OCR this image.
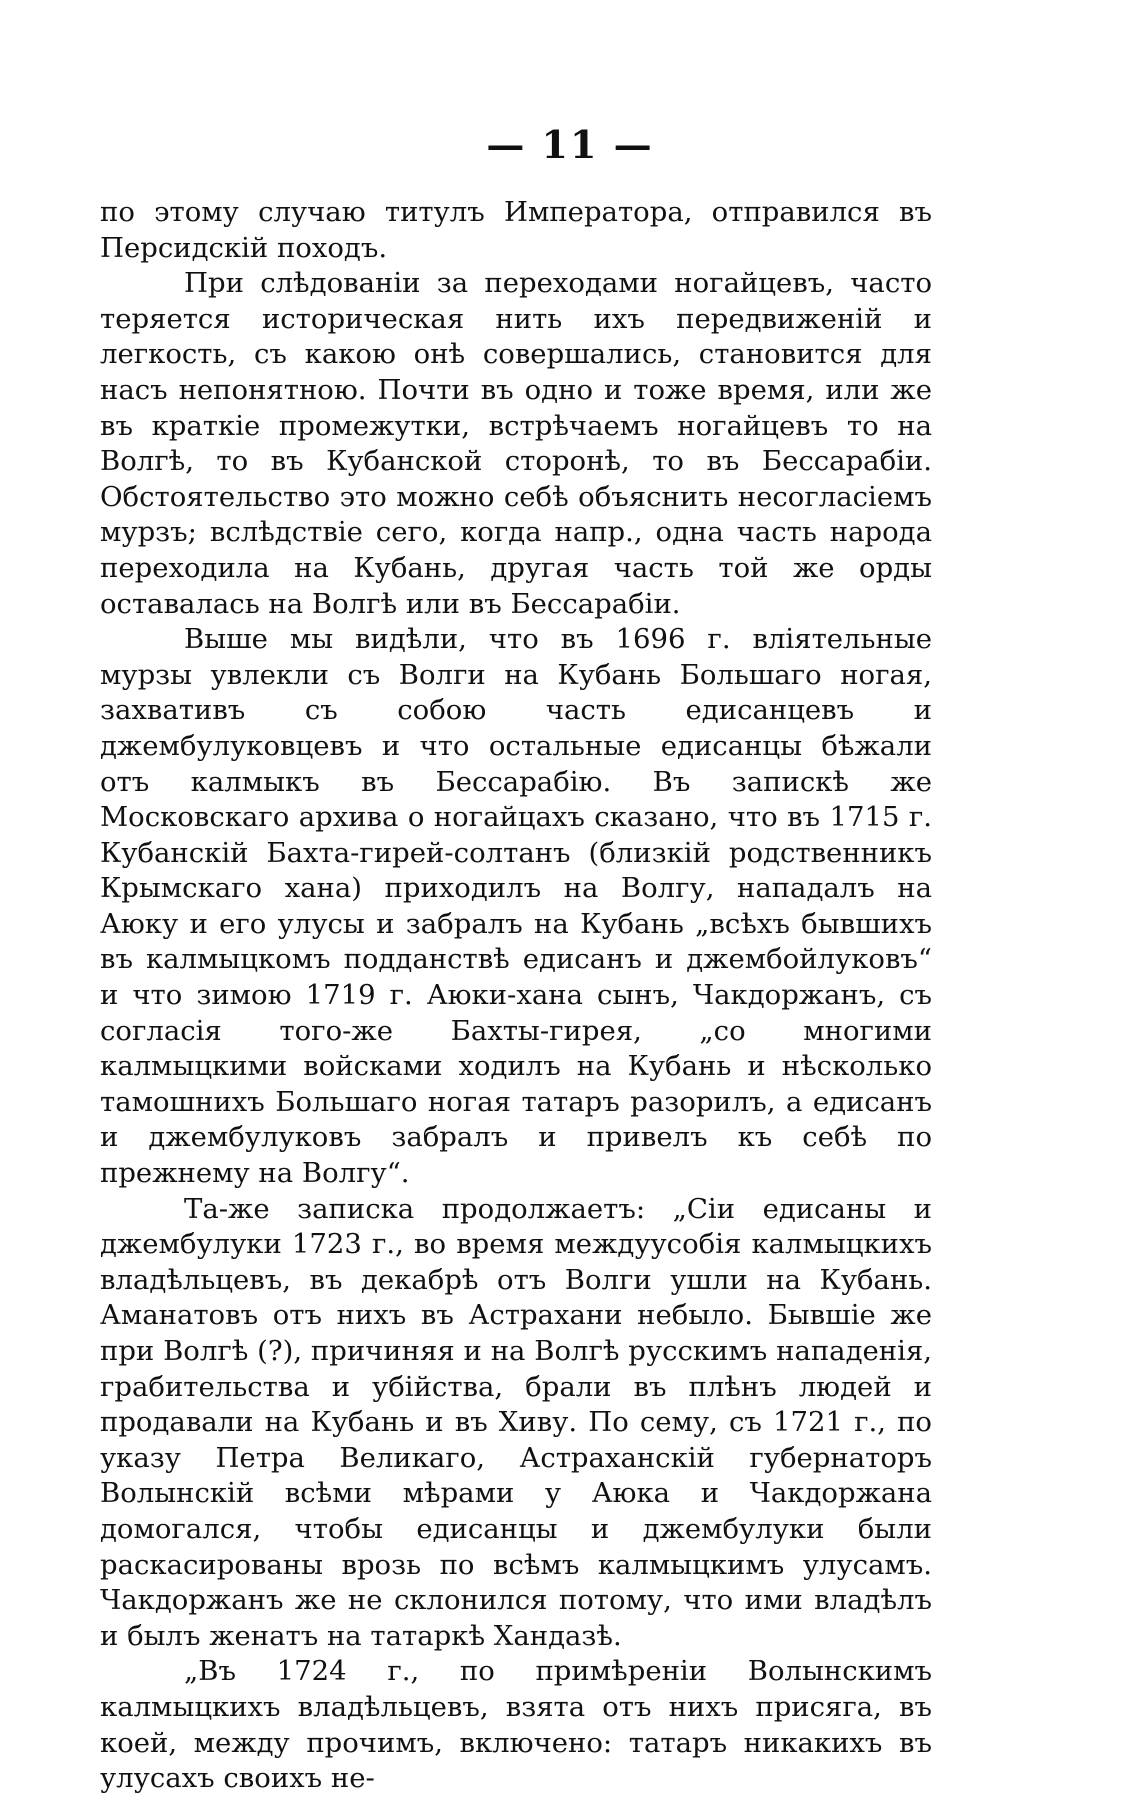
— 11 —

по этому случаю титулъ Императора, отправился въ Персидскій походъ.

При слѣдованіи за переходами ногайцевъ, часто теряется историческая нить ихъ передвиженій и легкость, съ какою онѣ совершались, становится для насъ непонятною. Почти въ одно и тоже время, или же въ краткіе промежутки, встрѣчаемъ ногайцевъ то на Волгѣ, то въ Кубанской сторонѣ, то въ Бессарабіи. Обстоятельство это можно себѣ объяснить несогласіемъ мурзъ; вслѣдствіе сего, когда напр., одна часть народа переходила на Кубань, другая часть той же орды оставалась на Волгѣ или въ Бессарабіи.

Выше мы видѣли, что въ 1696 г. вліятельные мурзы увлекли съ Волги на Кубань Большаго ногая, захвативъ съ собою часть едисанцевъ и джембулуковцевъ и что остальные едисанцы бѣжали отъ калмыкъ въ Бессарабію. Въ запискѣ же Московскаго архива о ногайцахъ сказано, что въ 1715 г. Кубанскій Бахта-гирей-солтанъ (близкій родственникъ Крымскаго хана) приходилъ на Волгу, нападалъ на Аюку и его улусы и забралъ на Кубань „всѣхъ бывшихъ въ калмыцкомъ подданствѣ едисанъ и джембойлуковъ“ и что зимою 1719 г. Аюки-хана сынъ, Чакдоржанъ, съ согласія того-же Бахты-гирея, „со многими калмыцкими войсками ходилъ на Кубань и нѣсколько тамошнихъ Большаго ногая татаръ разорилъ, а едисанъ и джембулуковъ забралъ и привелъ къ себѣ по прежнему на Волгу“.

Та-же записка продолжаетъ: „Сіи едисаны и джембулуки 1723 г., во время междуусобія калмыцкихъ владѣльцевъ, въ декабрѣ отъ Волги ушли на Кубань. Аманатовъ отъ нихъ въ Астрахани небыло. Бывшіе же при Волгѣ (?), причиняя и на Волгѣ русскимъ нападенія, грабительства и убійства, брали въ плѣнъ людей и продавали на Кубань и въ Хиву. По сему, съ 1721 г., по указу Петра Великаго, Астраханскій губернаторъ Волынскій всѣми мѣрами у Аюка и Чакдоржана домогался, чтобы едисанцы и джембулуки были раскасированы врозь по всѣмъ калмыцкимъ улусамъ. Чакдоржанъ же не склонился потому, что ими владѣлъ и былъ женатъ на татаркѣ Хандазѣ.

„Въ 1724 г., по примѣреніи Волынскимъ калмыцкихъ владѣльцевъ, взята отъ нихъ присяга, въ коей, между прочимъ, включено: татаръ никакихъ въ улусахъ своихъ не-
